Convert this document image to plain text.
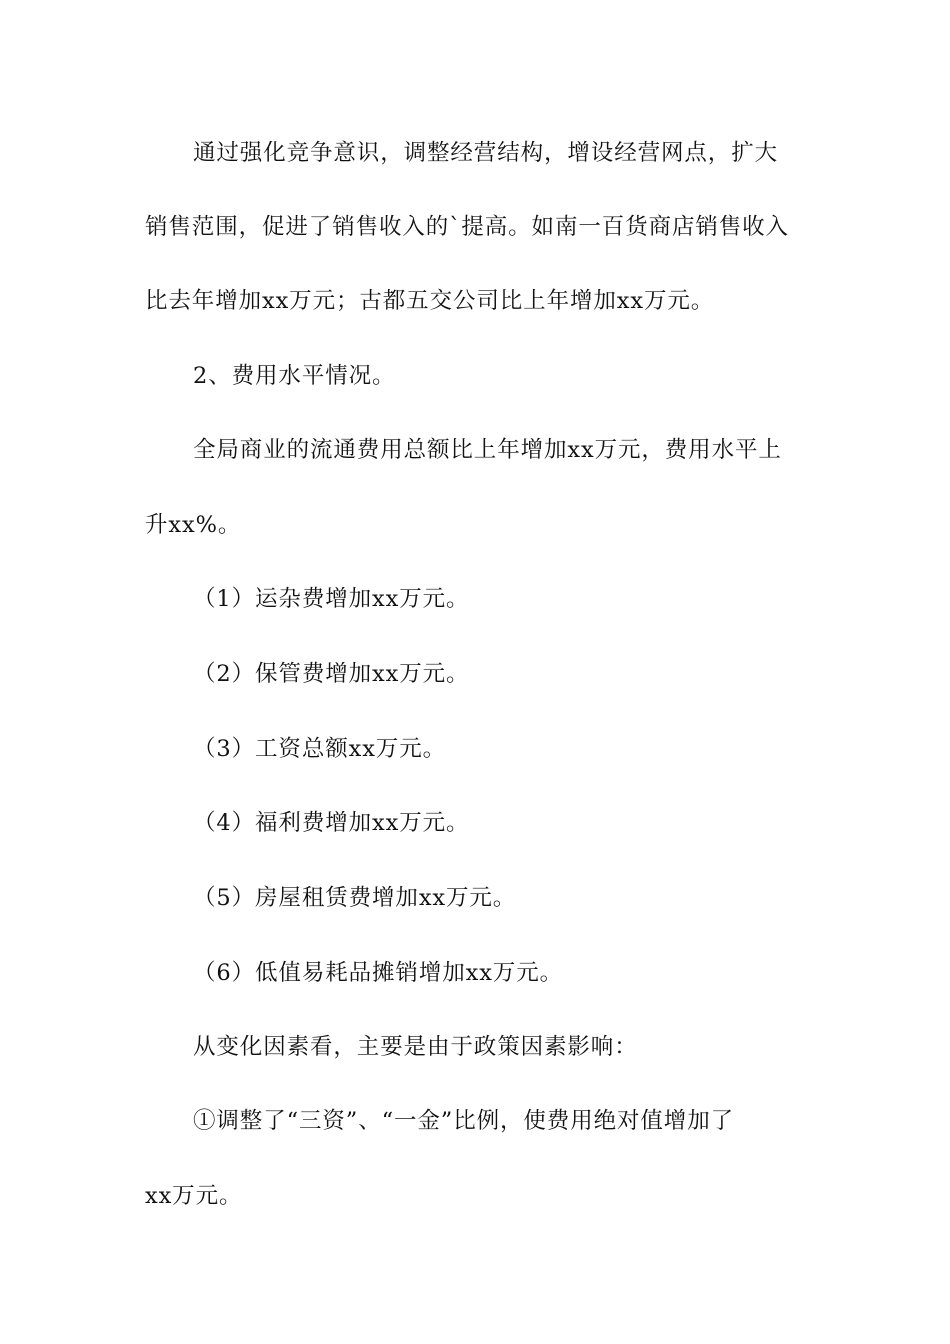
通过强化竞争意识，调整经营结构，增设经营网点，扩大
销售范围，促进了销售收入的`提高。如南一百货商店销售收入
比去年增加xx万元；古都五交公司比上年增加xx万元。
2、费用水平情况。
全局商业的流通费用总额比上年增加xx万元，费用水平上
升xx%。
（1）运杂费增加xx万元。
（2）保管费增加xx万元。
（3）工资总额xx万元。
（4）福利费增加xx万元。
（5）房屋租赁费增加xx万元。
（6）低值易耗品摊销增加xx万元。
从变化因素看，主要是由于政策因素影响：
①调整了“三资”、“一金”比例，使费用绝对值增加了
xx万元。
